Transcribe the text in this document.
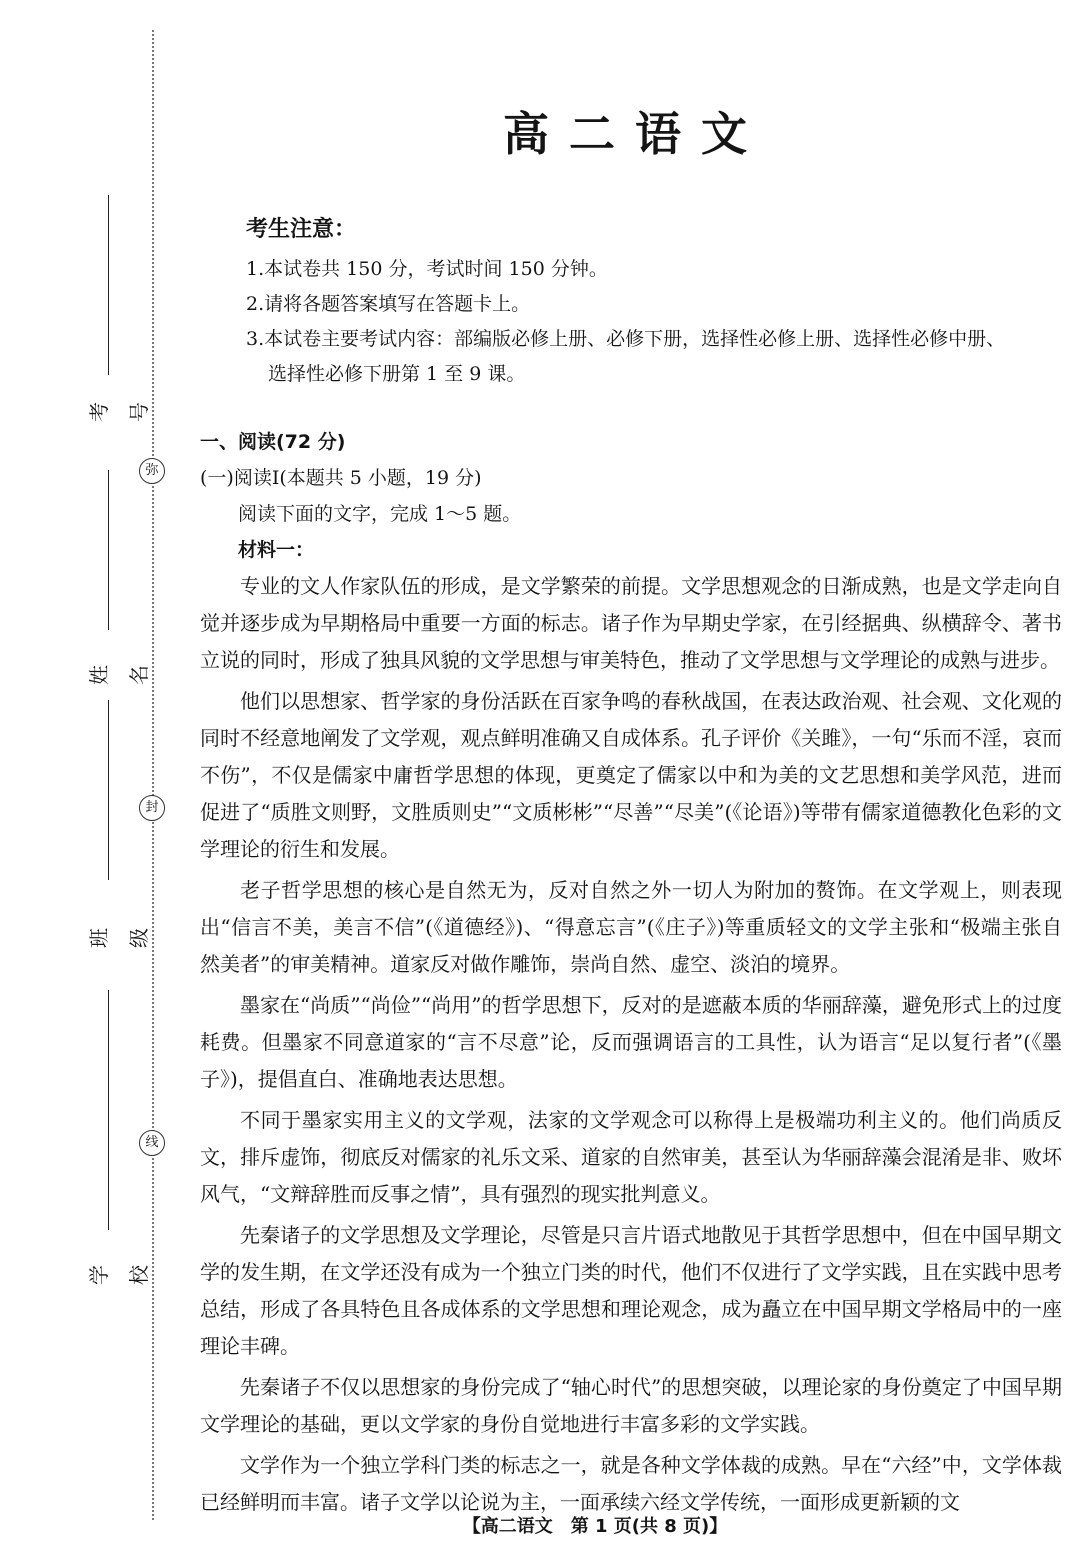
弥
封
线
考号
姓名
班级
学校
高二语文
考生注意：
1.本试卷共 150 分，考试时间 150 分钟。
2.请将各题答案填写在答题卡上。
3.本试卷主要考试内容：部编版必修上册、必修下册，选择性必修上册、选择性必修中册、
选择性必修下册第 1 至 9 课。
一、阅读(72 分)
(一)阅读Ⅰ(本题共 5 小题，19 分)
阅读下面的文字，完成 1～5 题。
材料一：

专业的文人作家队伍的形成，是文学繁荣的前提。文学思想观念的日渐成熟，也是文学走向自觉并逐步成为早期格局中重要一方面的标志。诸子作为早期史学家，在引经据典、纵横辞令、著书立说的同时，形成了独具风貌的文学思想与审美特色，推动了文学思想与文学理论的成熟与进步。

他们以思想家、哲学家的身份活跃在百家争鸣的春秋战国，在表达政治观、社会观、文化观的同时不经意地阐发了文学观，观点鲜明准确又自成体系。孔子评价《关雎》，一句“乐而不淫，哀而不伤”，不仅是儒家中庸哲学思想的体现，更奠定了儒家以中和为美的文艺思想和美学风范，进而促进了“质胜文则野，文胜质则史”“文质彬彬”“尽善”“尽美”(《论语》)等带有儒家道德教化色彩的文学理论的衍生和发展。

老子哲学思想的核心是自然无为，反对自然之外一切人为附加的赘饰。在文学观上，则表现出“信言不美，美言不信”(《道德经》)、“得意忘言”(《庄子》)等重质轻文的文学主张和“极端主张自然美者”的审美精神。道家反对做作雕饰，崇尚自然、虚空、淡泊的境界。

墨家在“尚质”“尚俭”“尚用”的哲学思想下，反对的是遮蔽本质的华丽辞藻，避免形式上的过度耗费。但墨家不同意道家的“言不尽意”论，反而强调语言的工具性，认为语言“足以复行者”(《墨子》)，提倡直白、准确地表达思想。

不同于墨家实用主义的文学观，法家的文学观念可以称得上是极端功利主义的。他们尚质反文，排斥虚饰，彻底反对儒家的礼乐文采、道家的自然审美，甚至认为华丽辞藻会混淆是非、败坏风气，“文辩辞胜而反事之情”，具有强烈的现实批判意义。

先秦诸子的文学思想及文学理论，尽管是只言片语式地散见于其哲学思想中，但在中国早期文学的发生期，在文学还没有成为一个独立门类的时代，他们不仅进行了文学实践，且在实践中思考总结，形成了各具特色且各成体系的文学思想和理论观念，成为矗立在中国早期文学格局中的一座理论丰碑。

先秦诸子不仅以思想家的身份完成了“轴心时代”的思想突破，以理论家的身份奠定了中国早期文学理论的基础，更以文学家的身份自觉地进行丰富多彩的文学实践。

文学作为一个独立学科门类的标志之一，就是各种文学体裁的成熟。早在“六经”中，文学体裁已经鲜明而丰富。诸子文学以论说为主，一面承续六经文学传统，一面形成更新颖的文

【高二语文　第 1 页(共 8 页)】
